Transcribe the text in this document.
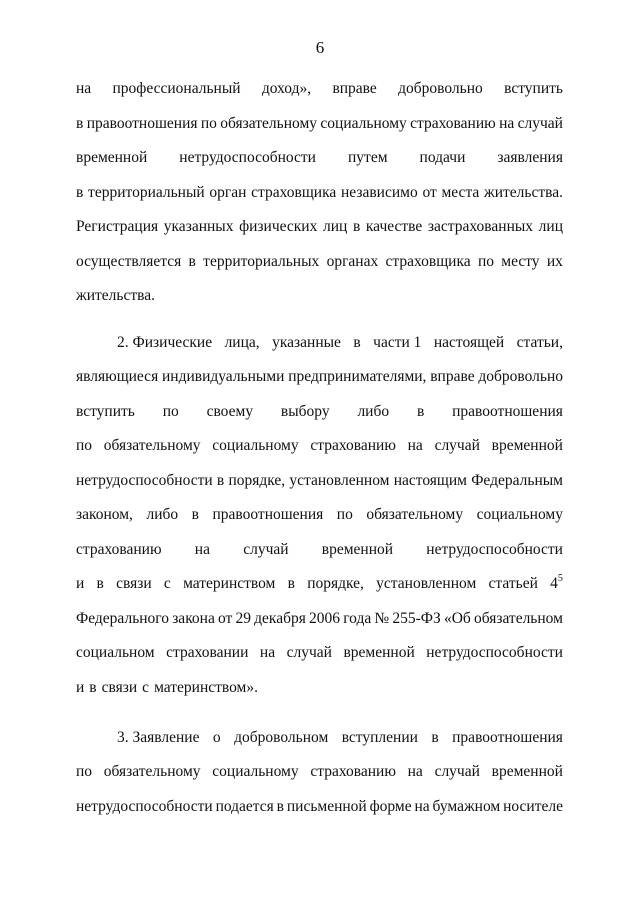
6
на профессиональный доход», вправе добровольно вступить
в правоотношения по обязательному социальному страхованию на случай
временной нетрудоспособности путем подачи заявления
в территориальный орган страховщика независимо от места жительства.
Регистрация указанных физических лиц в качестве застрахованных лиц
осуществляется в территориальных органах страховщика по месту их
жительства.
2. Физические лица, указанные в части 1 настоящей статьи,
являющиеся индивидуальными предпринимателями, вправе добровольно
вступить по своему выбору либо в правоотношения
по обязательному социальному страхованию на случай временной
нетрудоспособности в порядке, установленном настоящим Федеральным
законом, либо в правоотношения по обязательному социальному
страхованию на случай временной нетрудоспособности
и в связи с материнством в порядке, установленном статьей 45
Федерального закона от 29 декабря 2006 года № 255-ФЗ «Об обязательном
социальном страховании на случай временной нетрудоспособности
и в связи с материнством».
3. Заявление о добровольном вступлении в правоотношения
по обязательному социальному страхованию на случай временной
нетрудоспособности подается в письменной форме на бумажном носителе
